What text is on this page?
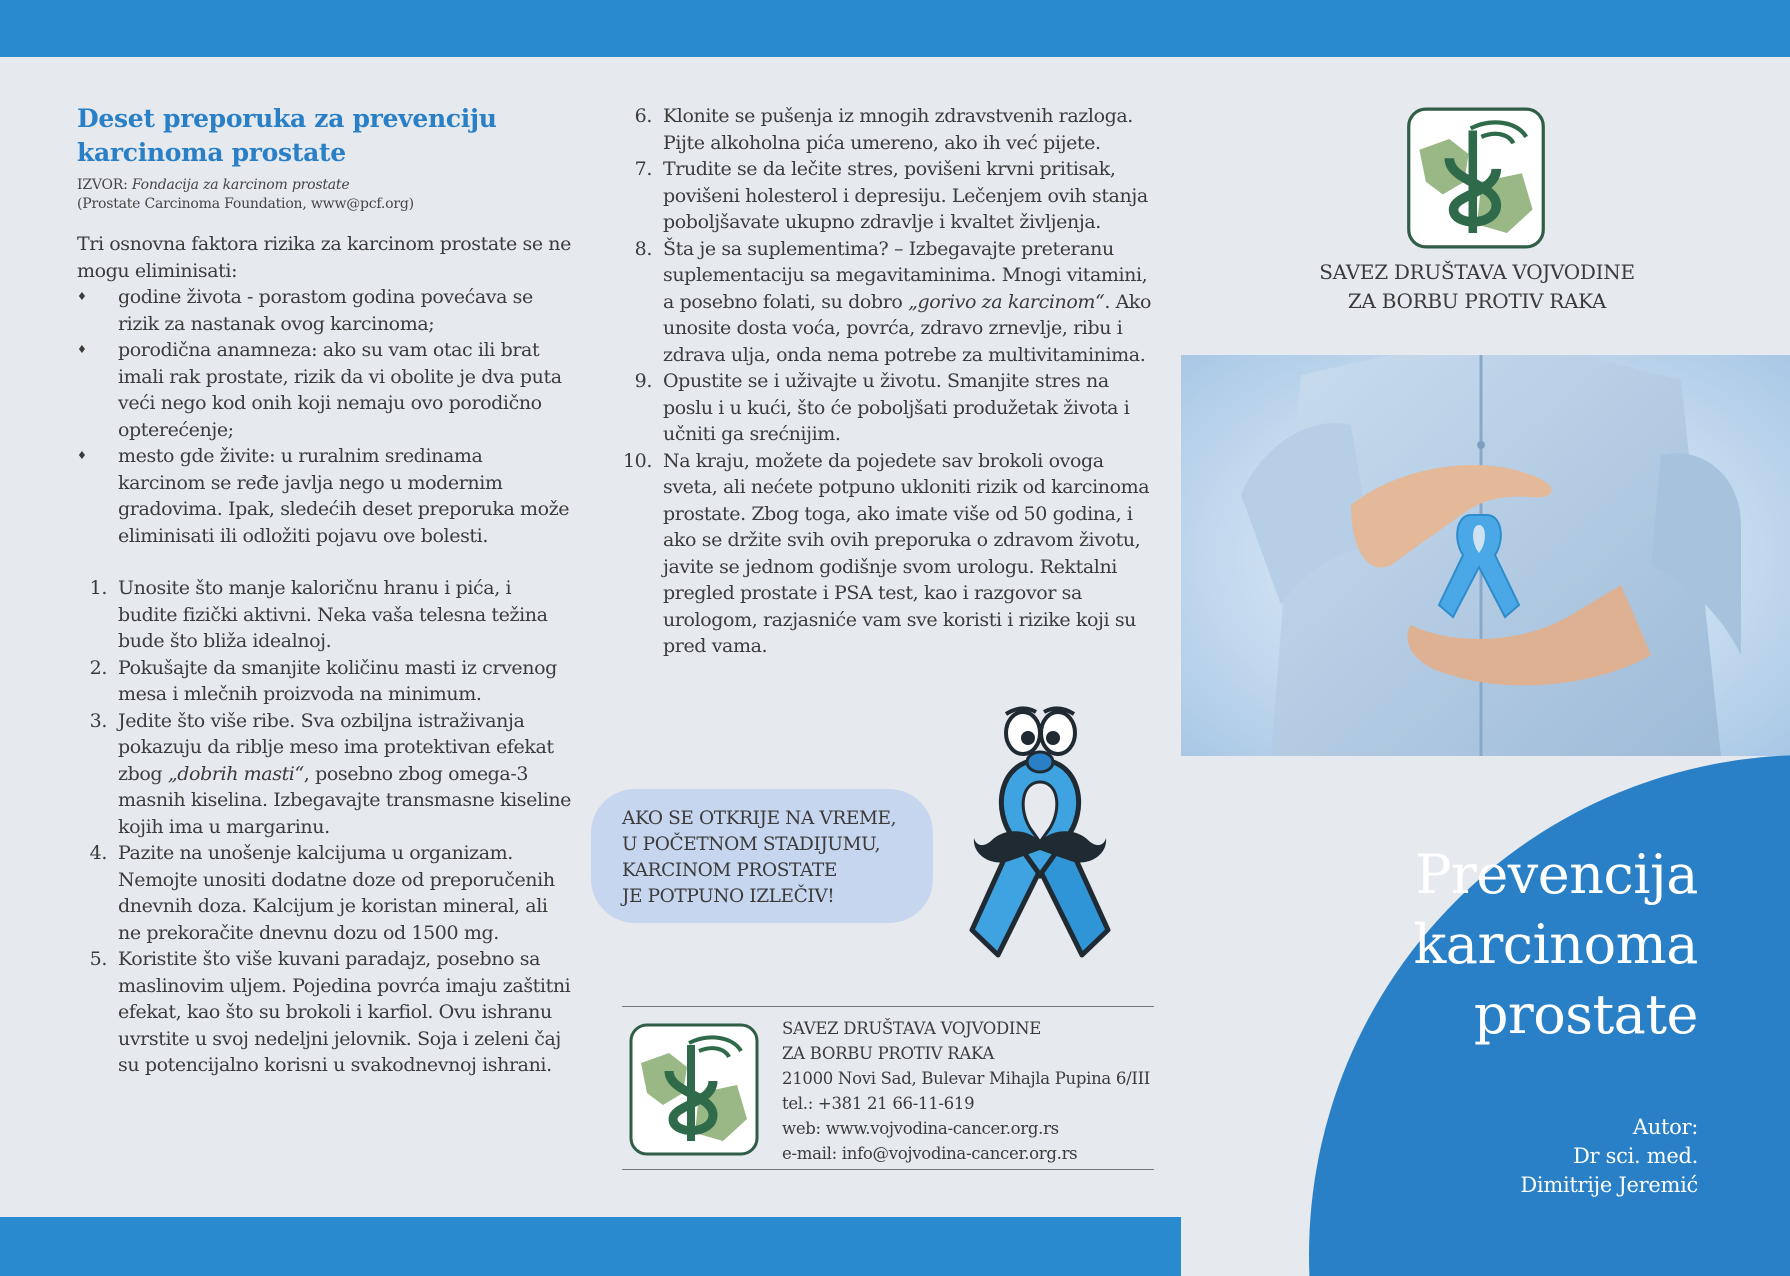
Deset preporuka za prevenciju
karcinoma prostate
IZVOR: Fondacija za karcinom prostate
(Prostate Carcinoma Foundation, www@pcf.org)

Tri osnovna faktora rizika za karcinom prostate se ne mogu eliminisati:

♦ godine života - porastom godina povećava se rizik za nastanak ovog karcinoma;
♦ porodična anamneza: ako su vam otac ili brat imali rak prostate, rizik da vi obolite je dva puta veći nego kod onih koji nemaju ovo porodično opterećenje;
♦ mesto gde živite: u ruralnim sredinama karcinom se ređe javlja nego u modernim gradovima. Ipak, sledećih deset preporuka može eliminisati ili odložiti pojavu ove bolesti.
1. Unosite što manje kaloričnu hranu i pića, i budite fizički aktivni. Neka vaša telesna težina bude što bliža idealnoj.
2. Pokušajte da smanjite količinu masti iz crvenog mesa i mlečnih proizvoda na minimum.
3. Jedite što više ribe. Sva ozbiljna istraživanja pokazuju da riblje meso ima protektivan efekat zbog „dobrih masti“, posebno zbog omega-3 masnih kiselina. Izbegavajte transmasne kiseline kojih ima u margarinu.
4. Pazite na unošenje kalcijuma u organizam. Nemojte unositi dodatne doze od preporučenih dnevnih doza. Kalcijum je koristan mineral, ali ne prekoračite dnevnu dozu od 1500 mg.
5. Koristite što više kuvani paradajz, posebno sa maslinovim uljem. Pojedina povrća imaju zaštitni efekat, kao što su brokoli i karfiol. Ovu ishranu uvrstite u svoj nedeljni jelovnik. Soja i zeleni čaj su potencijalno korisni u svakodnevnoj ishrani.
6. Klonite se pušenja iz mnogih zdravstvenih razloga. Pijte alkoholna pića umereno, ako ih već pijete.
7. Trudite se da lečite stres, povišeni krvni pritisak, povišeni holesterol i depresiju. Lečenjem ovih stanja poboljšavate ukupno zdravlje i kvaltet življenja.
8. Šta je sa suplementima? – Izbegavajte preteranu suplementaciju sa megavitaminima. Mnogi vitamini, a posebno folati, su dobro „gorivo za karcinom“. Ako unosite dosta voća, povrća, zdravo zrnevlje, ribu i zdrava ulja, onda nema potrebe za multivitaminima.
9. Opustite se i uživajte u životu. Smanjite stres na poslu i u kući, što će poboljšati produžetak života i učniti ga srećnijim.
10. Na kraju, možete da pojedete sav brokoli ovoga sveta, ali nećete potpuno ukloniti rizik od karcinoma prostate. Zbog toga, ako imate više od 50 godina, i ako se držite svih ovih preporuka o zdravom životu, javite se jednom godišnje svom urologu. Rektalni pregled prostate i PSA test, kao i razgovor sa urologom, razjasniće vam sve koristi i rizike koji su pred vama.
AKO SE OTKRIJE NA VREME,
U POČETNOM STADIJUMU,
KARCINOM PROSTATE
JE POTPUNO IZLEČIV!
SAVEZ DRUŠTAVA VOJVODINE
ZA BORBU PROTIV RAKA
21000 Novi Sad, Bulevar Mihajla Pupina 6/III
tel.: +381 21 66-11-619
web: www.vojvodina-cancer.org.rs
e-mail: info@vojvodina-cancer.org.rs
SAVEZ DRUŠTAVA VOJVODINE
ZA BORBU PROTIV RAKA
Prevencija
karcinoma
prostate
Autor:
Dr sci. med.
Dimitrije Jeremić
